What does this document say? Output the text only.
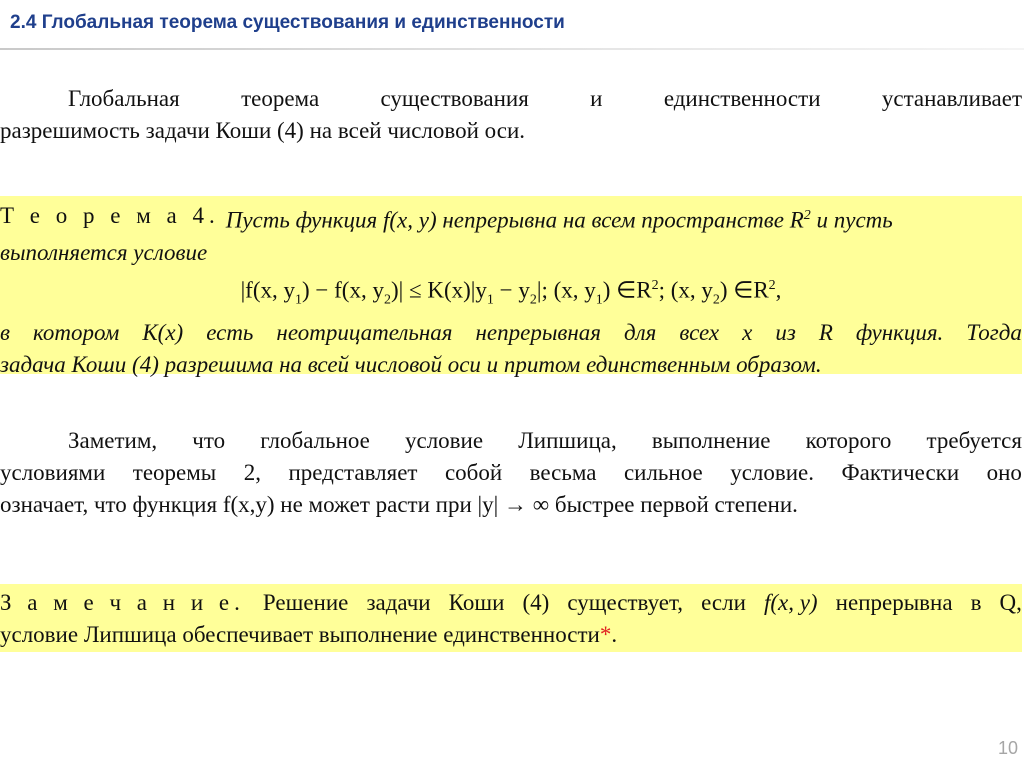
2.4 Глобальная теорема существования и единственности
Глобальная	теорема	существования	и	единственности	устанавливает
разрешимость задачи Коши (4) на всей числовой оси.
Т е о р е м а 4. Пусть функция f(x, y) непрерывна на всем пространстве $R^2$ и пусть
выполняется условие
|f(x, $y_1) - f(x$, $y_2)| \le K(x)|y_1 - y_2|$; (x, $y_1$) $\in R^2$; (x, $y_2$) $\in R^2$,
в котором K(x) есть неотрицательная непрерывная для всех x из R функция. Тогда
задача Коши (4) разрешима на всей числовой оси и притом единственным образом.
Заметим, что глобальное условие Липшица, выполнение которого требуется
условиями теоремы 2, представляет собой весьма сильное условие. Фактически оно
означает, что функция f(x,y) не может расти при |y| → ∞ быстрее первой степени.
З а м е ч а н и е. Решение задачи Коши (4) существует, если f(x, y) непрерывна в Q,
условие Липшица обеспечивает выполнение единственности*.
10
